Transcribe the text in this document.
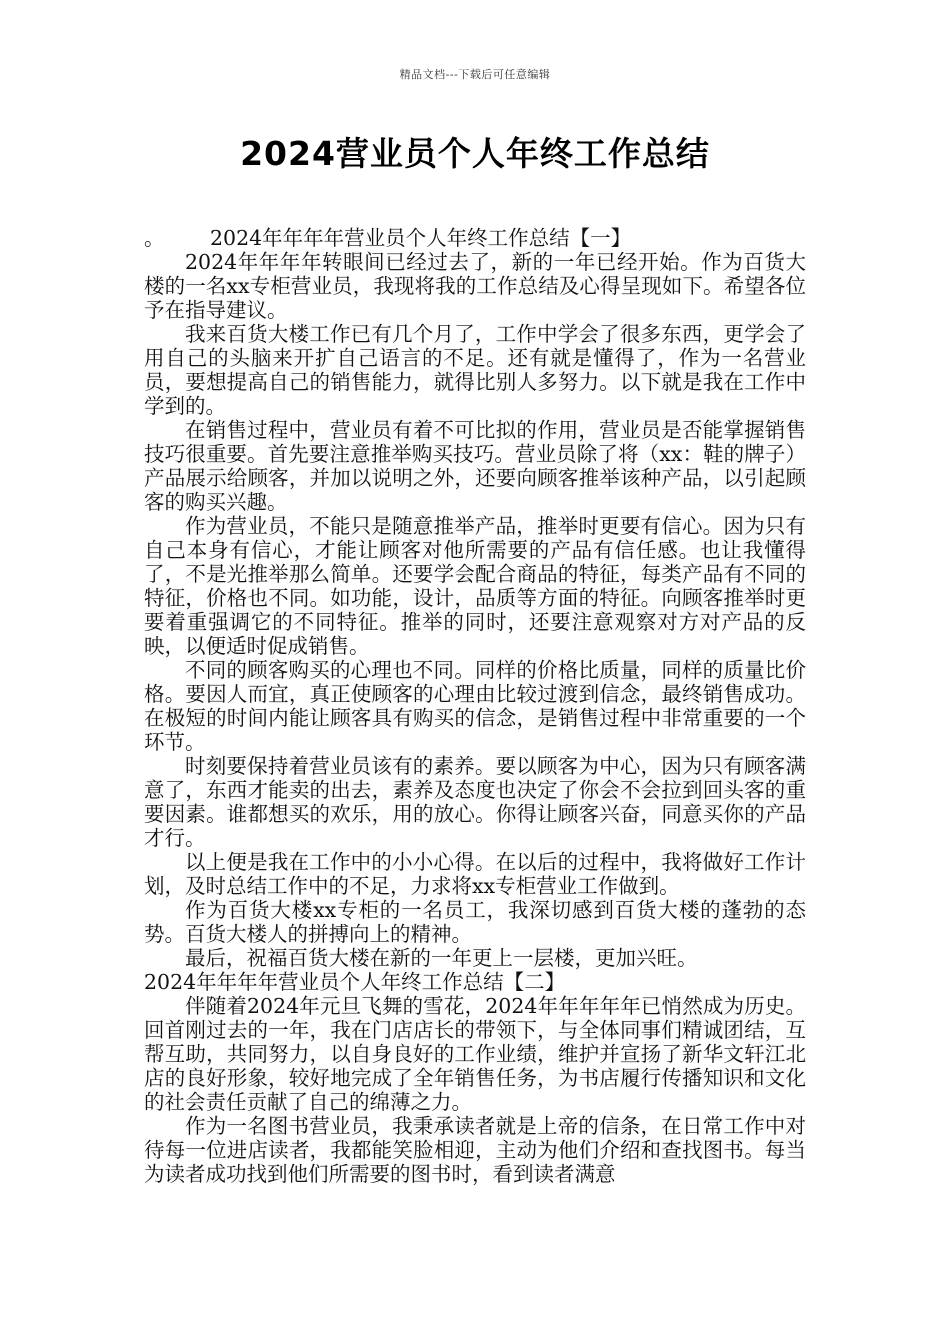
精品文档---下载后可任意编辑
2024营业员个人年终工作总结

。 2024年年年年营业员个人年终工作总结【一】

2024年年年年转眼间已经过去了，新的一年已经开始。作为百货大楼的一名xx专柜营业员，我现将我的工作总结及心得呈现如下。希望各位予在指导建议。

我来百货大楼工作已有几个月了，工作中学会了很多东西，更学会了用自己的头脑来开扩自己语言的不足。还有就是懂得了，作为一名营业员，要想提高自己的销售能力，就得比别人多努力。以下就是我在工作中学到的。

在销售过程中，营业员有着不可比拟的作用，营业员是否能掌握销售技巧很重要。首先要注意推举购买技巧。营业员除了将（xx：鞋的牌子）产品展示给顾客，并加以说明之外，还要向顾客推举该种产品，以引起顾客的购买兴趣。

作为营业员，不能只是随意推举产品，推举时更要有信心。因为只有自己本身有信心，才能让顾客对他所需要的产品有信任感。也让我懂得了，不是光推举那么简单。还要学会配合商品的特征，每类产品有不同的特征，价格也不同。如功能，设计，品质等方面的特征。向顾客推举时更要着重强调它的不同特征。推举的同时，还要注意观察对方对产品的反映，以便适时促成销售。

不同的顾客购买的心理也不同。同样的价格比质量，同样的质量比价格。要因人而宜，真正使顾客的心理由比较过渡到信念，最终销售成功。在极短的时间内能让顾客具有购买的信念，是销售过程中非常重要的一个环节。

时刻要保持着营业员该有的素养。要以顾客为中心，因为只有顾客满意了，东西才能卖的出去，素养及态度也决定了你会不会拉到回头客的重要因素。谁都想买的欢乐，用的放心。你得让顾客兴奋，同意买你的产品才行。

以上便是我在工作中的小小心得。在以后的过程中，我将做好工作计划，及时总结工作中的不足，力求将xx专柜营业工作做到。

作为百货大楼xx专柜的一名员工，我深切感到百货大楼的蓬勃的态势。百货大楼人的拼搏向上的精神。

最后，祝福百货大楼在新的一年更上一层楼，更加兴旺。

2024年年年年营业员个人年终工作总结【二】

伴随着2024年元旦飞舞的雪花，2024年年年年年已悄然成为历史。回首刚过去的一年，我在门店店长的带领下，与全体同事们精诚团结，互帮互助，共同努力，以自身良好的工作业绩，维护并宣扬了新华文轩江北店的良好形象，较好地完成了全年销售任务，为书店履行传播知识和文化的社会责任贡献了自己的绵薄之力。

作为一名图书营业员，我秉承读者就是上帝的信条，在日常工作中对待每一位进店读者，我都能笑脸相迎，主动为他们介绍和查找图书。每当为读者成功找到他们所需要的图书时，看到读者满意
